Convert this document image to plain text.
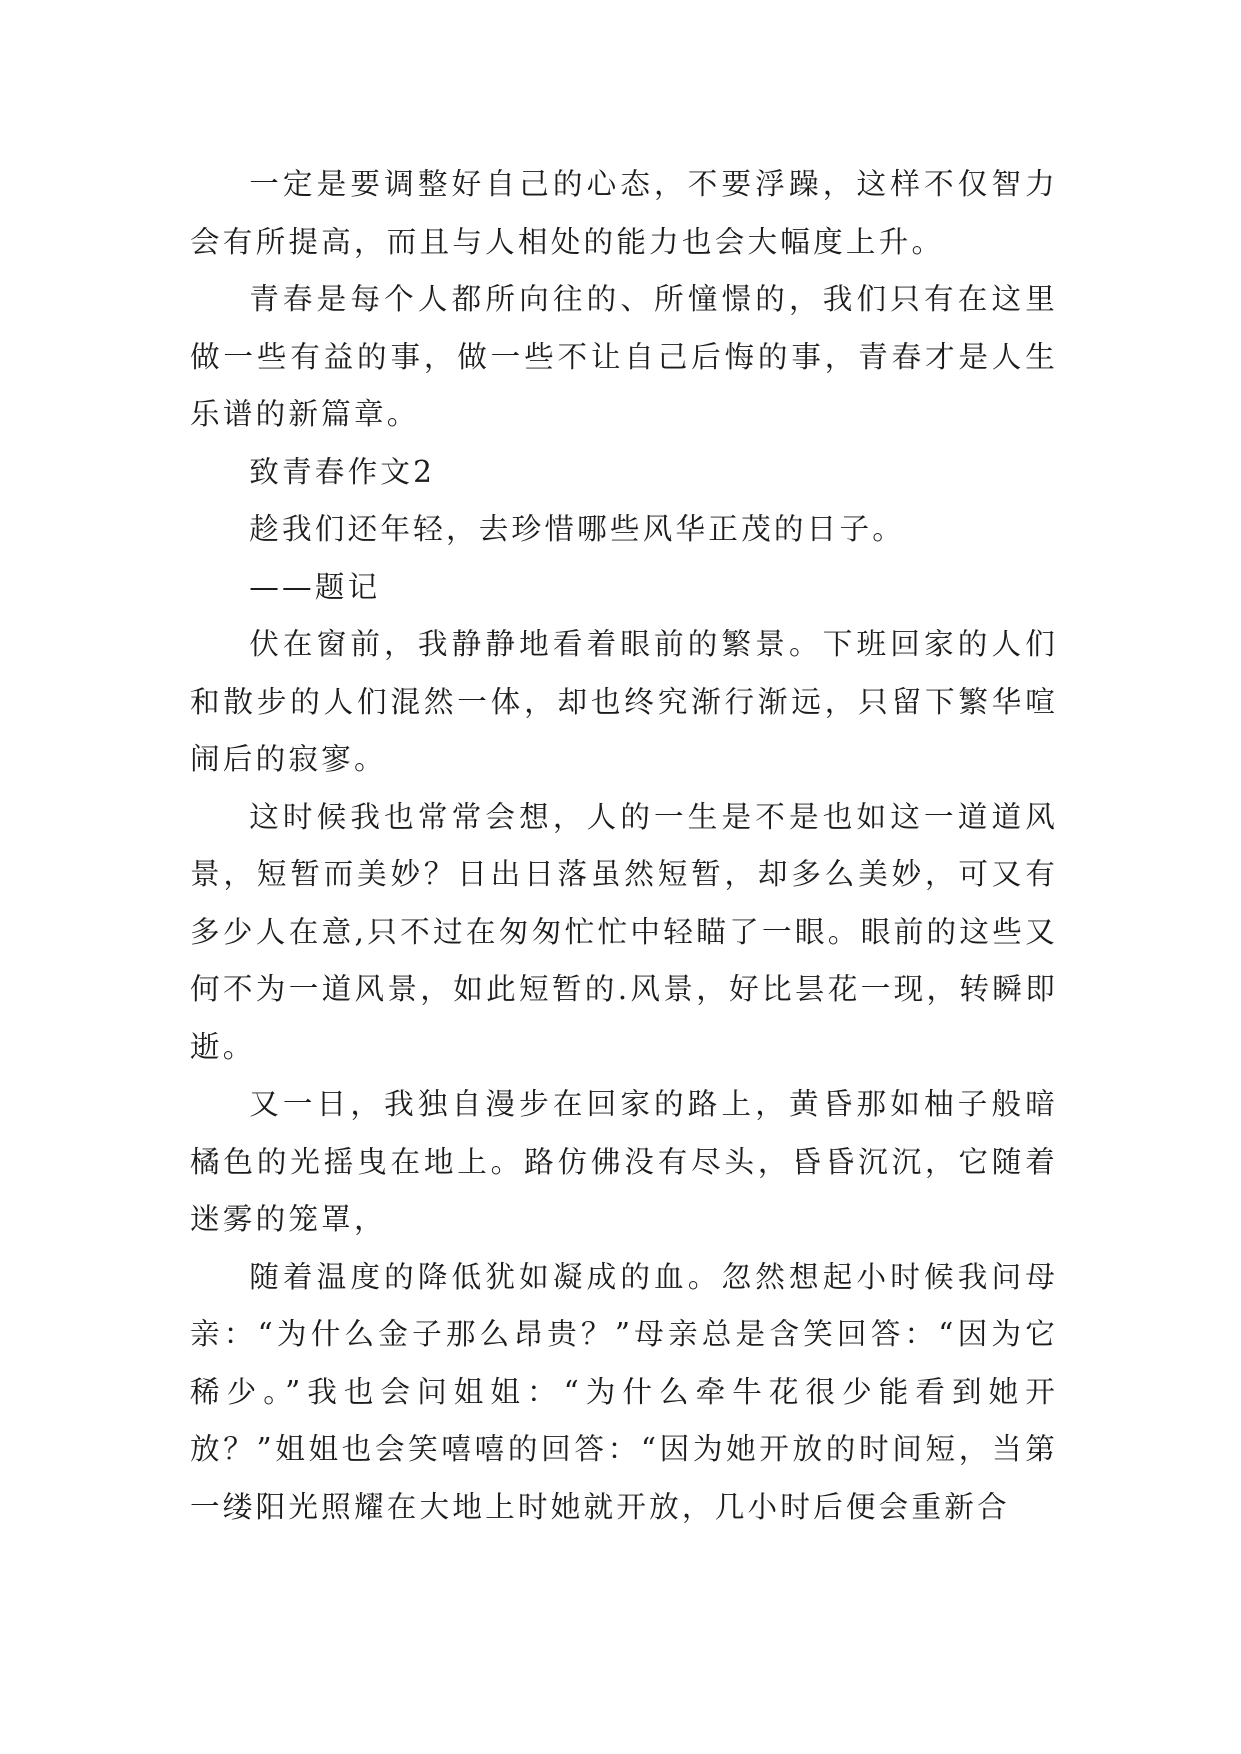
一定是要调整好自己的心态，不要浮躁，这样不仅智力会有所提高，而且与人相处的能力也会大幅度上升。

青春是每个人都所向往的、所憧憬的，我们只有在这里做一些有益的事，做一些不让自己后悔的事，青春才是人生乐谱的新篇章。

致青春作文2

趁我们还年轻，去珍惜哪些风华正茂的日子。

——题记

伏在窗前，我静静地看着眼前的繁景。下班回家的人们和散步的人们混然一体，却也终究渐行渐远，只留下繁华喧闹后的寂寥。

这时候我也常常会想，人的一生是不是也如这一道道风景，短暂而美妙？日出日落虽然短暂，却多么美妙，可又有多少人在意,只不过在匆匆忙忙中轻瞄了一眼。眼前的这些又何不为一道风景，如此短暂的.风景，好比昙花一现，转瞬即逝。

又一日，我独自漫步在回家的路上，黄昏那如柚子般暗橘色的光摇曳在地上。路仿佛没有尽头，昏昏沉沉，它随着迷雾的笼罩，

随着温度的降低犹如凝成的血。忽然想起小时候我问母亲：“为什么金子那么昂贵？”母亲总是含笑回答：“因为它稀少。”我也会问姐姐：“为什么牵牛花很少能看到她开放？”姐姐也会笑嘻嘻的回答：“因为她开放的时间短，当第一缕阳光照耀在大地上时她就开放，几小时后便会重新合
